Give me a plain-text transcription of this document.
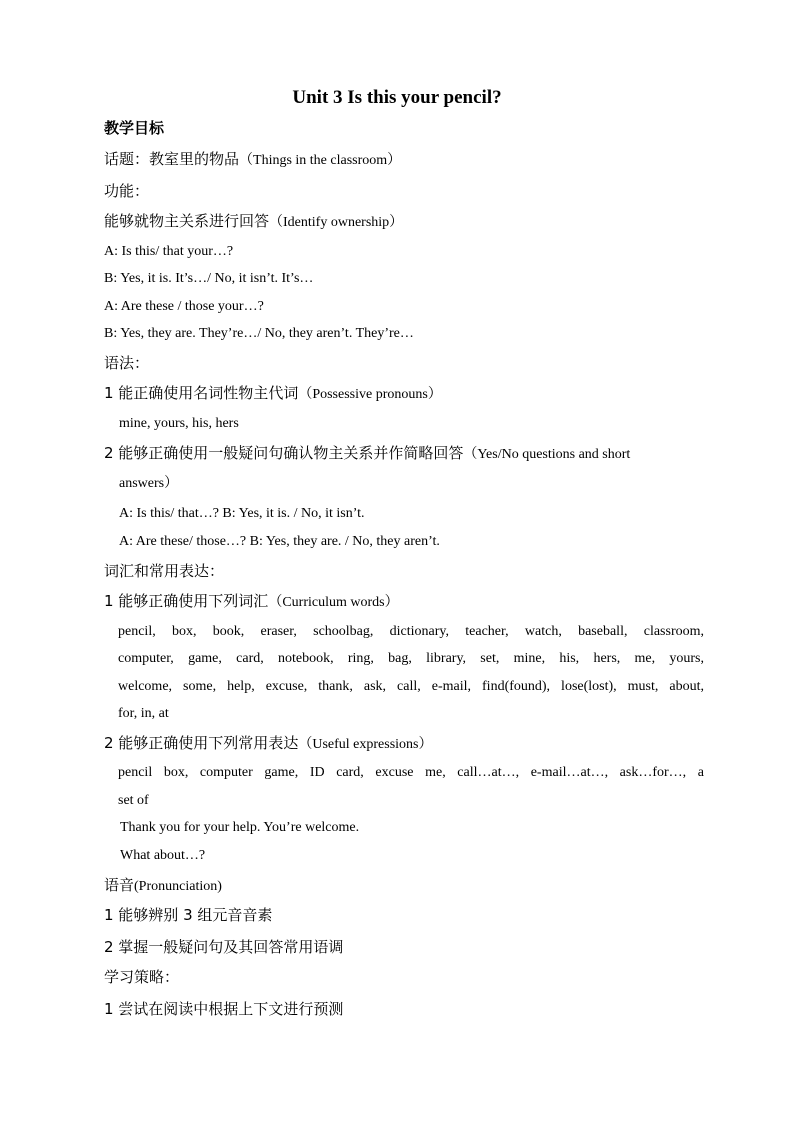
Unit 3 Is this your pencil?
教学目标
话题：教室里的物品（Things in the classroom）
功能：
能够就物主关系进行回答（Identify ownership）
A: Is this/ that your…?
B: Yes, it is. It’s…/ No, it isn’t. It’s…
A: Are these / those your…?
B: Yes, they are. They’re…/ No, they aren’t. They’re…
语法：
1 能正确使用名词性物主代词（Possessive pronouns）
mine, yours, his, hers
2 能够正确使用一般疑问句确认物主关系并作简略回答（Yes/No questions and short
answers）
A: Is this/ that…? B: Yes, it is. / No, it isn’t.
A: Are these/ those…? B: Yes, they are. / No, they aren’t.
词汇和常用表达：
1 能够正确使用下列词汇（Curriculum words）
pencil, box, book, eraser, schoolbag, dictionary, teacher, watch, baseball, classroom,
computer, game, card, notebook, ring, bag, library, set, mine, his, hers, me, yours,
welcome, some, help, excuse, thank, ask, call, e-mail, find(found), lose(lost), must, about,
for, in, at
2 能够正确使用下列常用表达（Useful expressions）
pencil box, computer game, ID card, excuse me, call…at…, e-mail…at…, ask…for…, a
set of
Thank you for your help. You’re welcome.
What about…?
语音(Pronunciation)
1 能够辨别 3 组元音音素
2 掌握一般疑问句及其回答常用语调
学习策略：
1 尝试在阅读中根据上下文进行预测
